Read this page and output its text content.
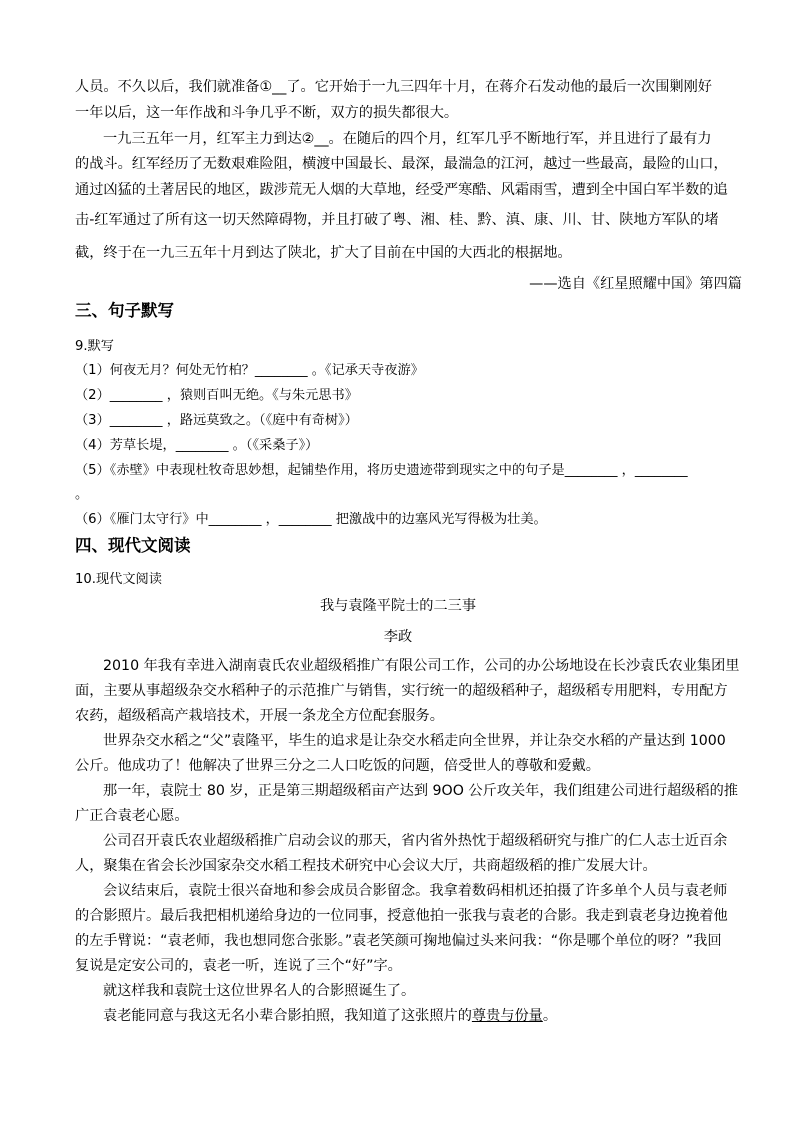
人员。不久以后，我们就准备①__了。它开始于一九三四年十月，在蒋介石发动他的最后一次围剿刚好
一年以后，这一年作战和斗争几乎不断，双方的损失都很大。
一九三五年一月，红军主力到达②__。在随后的四个月，红军几乎不断地行军，并且进行了最有力
的战斗。红军经历了无数艰难险阻，横渡中国最长、最深，最湍急的江河，越过一些最高，最险的山口，
通过凶猛的土著居民的地区，跋涉荒无人烟的大草地，经受严寒酷、风霜雨雪，遭到全中国白军半数的追
击-红军通过了所有这一切天然障碍物，并且打破了粤、湘、桂、黔、滇、康、川、甘、陕地方军队的堵
截，终于在一九三五年十月到达了陕北，扩大了目前在中国的大西北的根据地。
——选自《红星照耀中国》第四篇
三、句子默写
9.默写
（1）何夜无月？何处无竹柏？________ 。《记承天寺夜游》
（2）________ ，猿则百叫无绝。《与朱元思书》
（3）________ ，路远莫致之。（《庭中有奇树》）
（4）芳草长堤，________ 。（《采桑子》）
（5）《赤壁》中表现杜牧奇思妙想，起铺垫作用，将历史遗迹带到现实之中的句子是________ ，________
。
（6）《雁门太守行》中________ ，________ 把激战中的边塞风光写得极为壮美。
四、现代文阅读
10.现代文阅读
我与袁隆平院士的二三事
李政
2010 年我有幸进入湖南袁氏农业超级稻推广有限公司工作，公司的办公场地设在长沙袁氏农业集团里
面，主要从事超级杂交水稻种子的示范推广与销售，实行统一的超级稻种子，超级稻专用肥料，专用配方
农药，超级稻高产栽培技术，开展一条龙全方位配套服务。
世界杂交水稻之“父”袁隆平，毕生的追求是让杂交水稻走向全世界，并让杂交水稻的产量达到 1000
公斤。他成功了！他解决了世界三分之二人口吃饭的问题，倍受世人的尊敬和爱戴。
那一年，袁院士 80 岁，正是第三期超级稻亩产达到 9OO 公斤攻关年，我们组建公司进行超级稻的推
广正合袁老心愿。
公司召开袁氏农业超级稻推广启动会议的那天，省内省外热忱于超级稻研究与推广的仁人志士近百余
人，聚集在省会长沙国家杂交水稻工程技术研究中心会议大厅，共商超级稻的推广发展大计。
会议结束后，袁院士很兴奋地和参会成员合影留念。我拿着数码相机还拍摄了许多单个人员与袁老师
的合影照片。最后我把相机递给身边的一位同事，授意他拍一张我与袁老的合影。我走到袁老身边挽着他
的左手臂说：“袁老师，我也想同您合张影。”袁老笑颜可掬地偏过头来问我：“你是哪个单位的呀？”我回
复说是定安公司的，袁老一听，连说了三个“好”字。
就这样我和袁院士这位世界名人的合影照诞生了。
袁老能同意与我这无名小辈合影拍照，我知道了这张照片的尊贵与份量。
